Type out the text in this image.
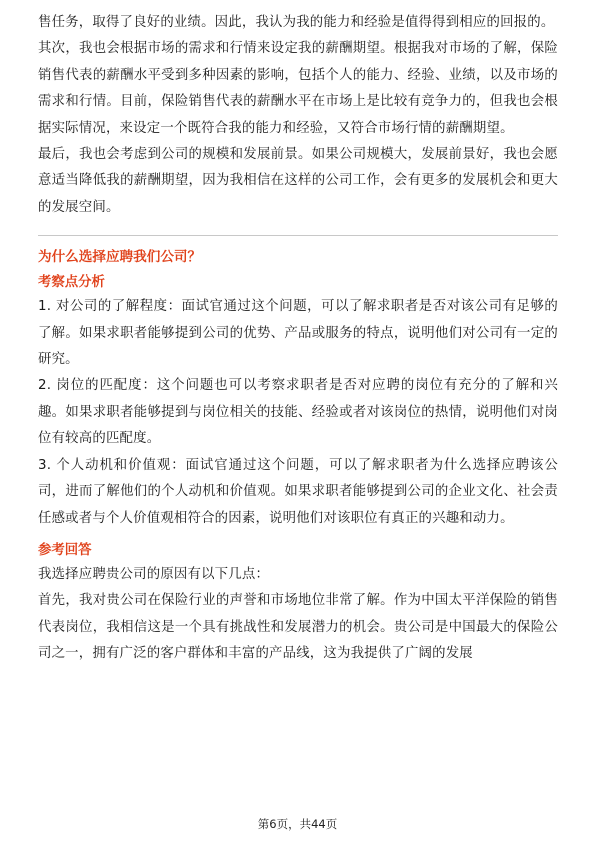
售任务，取得了良好的业绩。因此，我认为我的能力和经验是值得得到相应的回报的。

其次，我也会根据市场的需求和行情来设定我的薪酬期望。根据我对市场的了解，保险销售代表的薪酬水平受到多种因素的影响，包括个人的能力、经验、业绩，以及市场的需求和行情。目前，保险销售代表的薪酬水平在市场上是比较有竞争力的，但我也会根据实际情况，来设定一个既符合我的能力和经验，又符合市场行情的薪酬期望。

最后，我也会考虑到公司的规模和发展前景。如果公司规模大，发展前景好，我也会愿意适当降低我的薪酬期望，因为我相信在这样的公司工作，会有更多的发展机会和更大的发展空间。

为什么选择应聘我们公司？

考察点分析

1. 对公司的了解程度：面试官通过这个问题，可以了解求职者是否对该公司有足够的了解。如果求职者能够提到公司的优势、产品或服务的特点，说明他们对公司有一定的研究。

2. 岗位的匹配度：这个问题也可以考察求职者是否对应聘的岗位有充分的了解和兴趣。如果求职者能够提到与岗位相关的技能、经验或者对该岗位的热情，说明他们对岗位有较高的匹配度。

3. 个人动机和价值观：面试官通过这个问题，可以了解求职者为什么选择应聘该公司，进而了解他们的个人动机和价值观。如果求职者能够提到公司的企业文化、社会责任感或者与个人价值观相符合的因素，说明他们对该职位有真正的兴趣和动力。

参考回答

我选择应聘贵公司的原因有以下几点：

首先，我对贵公司在保险行业的声誉和市场地位非常了解。作为中国太平洋保险的销售代表岗位，我相信这是一个具有挑战性和发展潜力的机会。贵公司是中国最大的保险公司之一，拥有广泛的客户群体和丰富的产品线，这为我提供了广阔的发展

第6页，共44页
